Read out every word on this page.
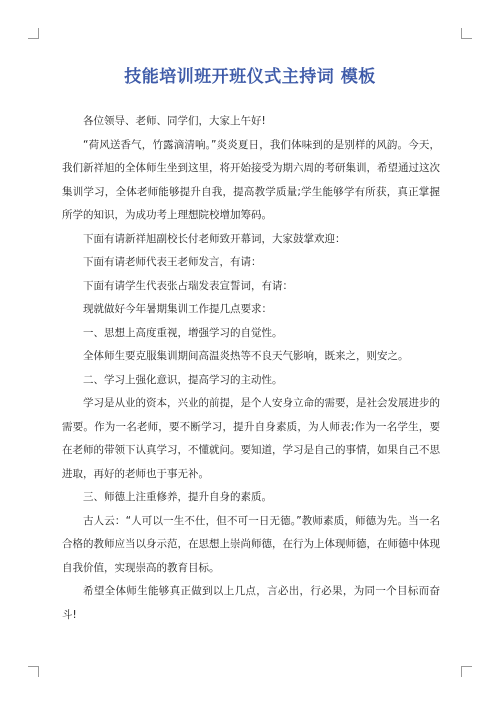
技能培训班开班仪式主持词 模板

各位领导、老师、同学们，大家上午好!

“荷风送香气，竹露滴清响。”炎炎夏日，我们体味到的是别样的风韵。今天，我们新祥旭的全体师生坐到这里，将开始接受为期六周的考研集训，希望通过这次集训学习，全体老师能够提升自我，提高教学质量;学生能够学有所获，真正掌握所学的知识，为成功考上理想院校增加筹码。

下面有请新祥旭副校长付老师致开幕词，大家鼓掌欢迎：

下面有请老师代表王老师发言，有请：

下面有请学生代表张占瑞发表宣誓词，有请：

现就做好今年暑期集训工作提几点要求：

一、思想上高度重视，增强学习的自觉性。

全体师生要克服集训期间高温炎热等不良天气影响，既来之，则安之。

二、学习上强化意识，提高学习的主动性。

学习是从业的资本，兴业的前提，是个人安身立命的需要，是社会发展进步的需要。作为一名老师，要不断学习，提升自身素质，为人师表;作为一名学生，要在老师的带领下认真学习，不懂就问。要知道，学习是自己的事情，如果自己不思进取，再好的老师也于事无补。

三、师德上注重修养，提升自身的素质。

古人云：“人可以一生不仕，但不可一日无德。”教师素质，师德为先。当一名合格的教师应当以身示范，在思想上崇尚师德，在行为上体现师德，在师德中体现自我价值，实现崇高的教育目标。

希望全体师生能够真正做到以上几点，言必出，行必果，为同一个目标而奋斗!
